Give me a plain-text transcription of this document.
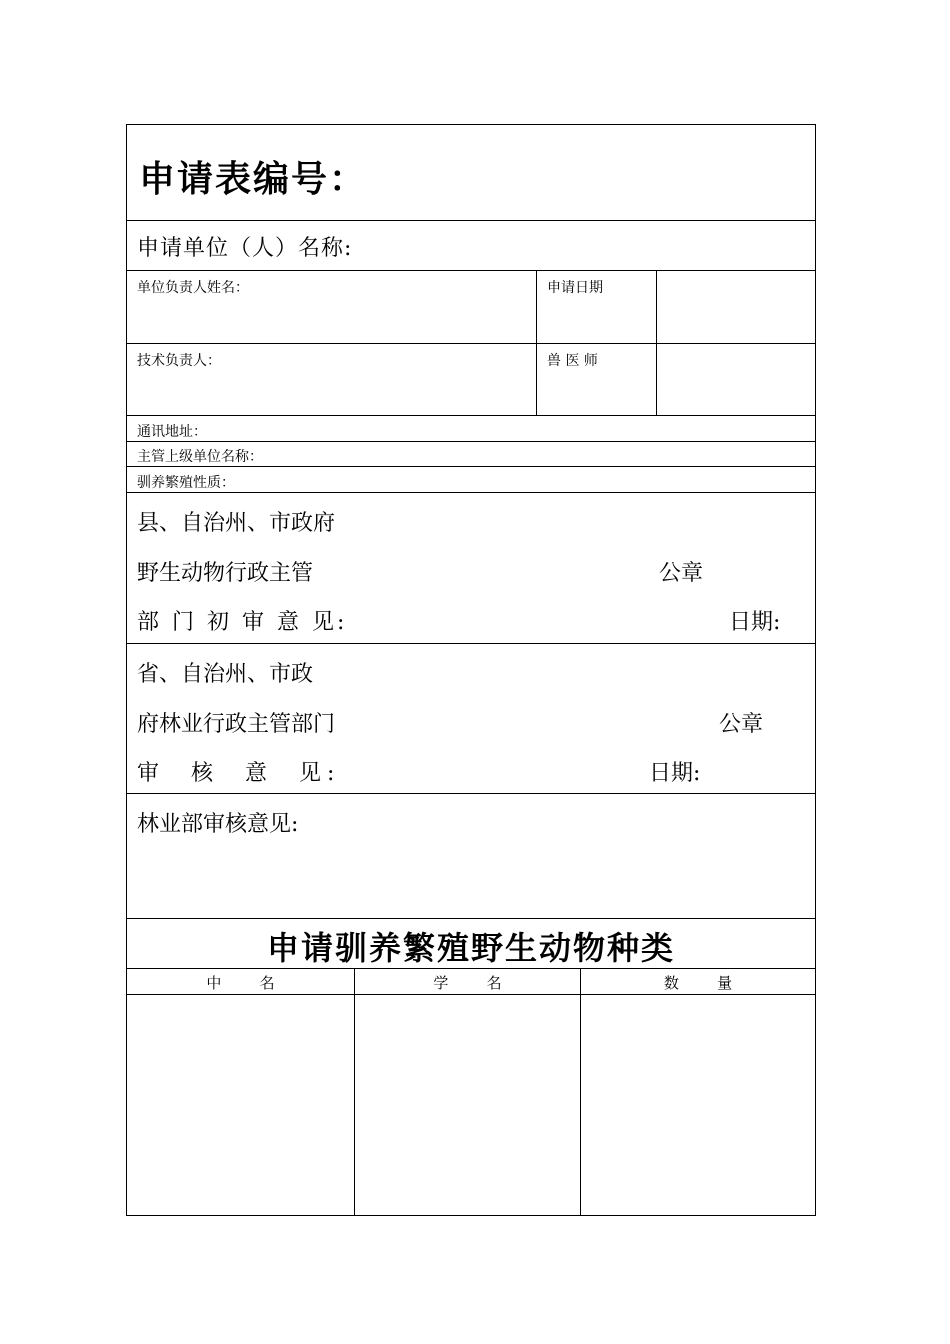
申请表编号：
申请单位（人）名称:
单位负责人姓名：	申请日期
技术负责人：	兽 医 师
通讯地址：
主管上级单位名称：
驯养繁殖性质：
县、自治州、市政府
野生动物行政主管
部 门 初 审 意 见:
公章
日期:
省、自治州、市政
府林业行政主管部门
审  核  意  见:
公章
日期:
林业部审核意见:
申请驯养繁殖野生动物种类
中        名	学        名	数        量
